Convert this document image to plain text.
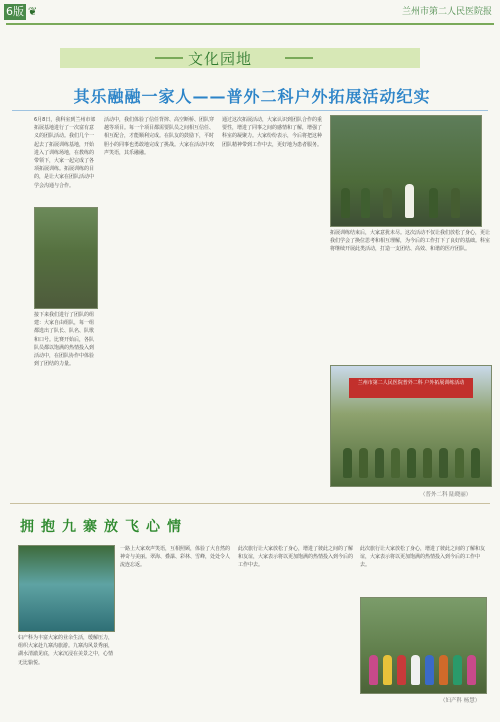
6版 ❦	兰州市第二人民医院报
文化园地
其乐融融一家人——普外二科户外拓展活动纪实
6月8日，我科室到兰州市郊拓展基地进行了一次富有意义的团队活动。我们几个一起去了拓展训练基地，开始进入了训练场地，在教练的带领下，大家一起完成了各项拓展训练。拓展训练的目的，是让大家在团队活动中学会沟通与合作。
接下来我们进行了团队的组建：大家自由组队，每一组都选出了队长、队名、队歌和口号。比赛开始后，各队队员都以饱满的热情投入到活动中，在团队协作中体验到了团结的力量。
活动中，我们体验了信任背摔、高空断桥、团队穿越等项目。每一个项目都需要队员之间相互信任、相互配合，才能顺利完成。在队友的鼓励下，平时胆小的同事也勇敢地完成了挑战。大家在活动中欢声笑语，其乐融融。
通过这次拓展活动，大家认识到团队合作的重要性，增进了同事之间的感情和了解，增强了科室的凝聚力。大家纷纷表示，今后将把这种团队精神带到工作中去，更好地为患者服务。
拓展训练结束后，大家意犹未尽。这次活动不仅让我们放松了身心，更让我们学会了换位思考和相互理解，为今后的工作打下了良好的基础。科室将继续开展此类活动，打造一支团结、高效、和谐的医疗团队。
兰州市第二人民医院普外二科 户外拓展训练活动
（普外二科 陆晓丽）
拥抱九寨放飞心情
妇产科为丰富大家的业余生活，缓解压力，组织大家赴九寨沟旅游。九寨沟风景秀丽，湖水清澈见底，大家沉浸在美景之中，心情无比愉悦。
一路上大家欢声笑语，互相照顾，体验了大自然的神奇与美丽。翠海、叠瀑、彩林、雪峰，处处令人流连忘返。
此次旅行让大家放松了身心，增进了彼此之间的了解和友谊，大家表示将以更加饱满的热情投入到今后的工作中去。
此次旅行让大家放松了身心，增进了彼此之间的了解和友谊，大家表示将以更加饱满的热情投入到今后的工作中去。
（妇产科 杨慧）
